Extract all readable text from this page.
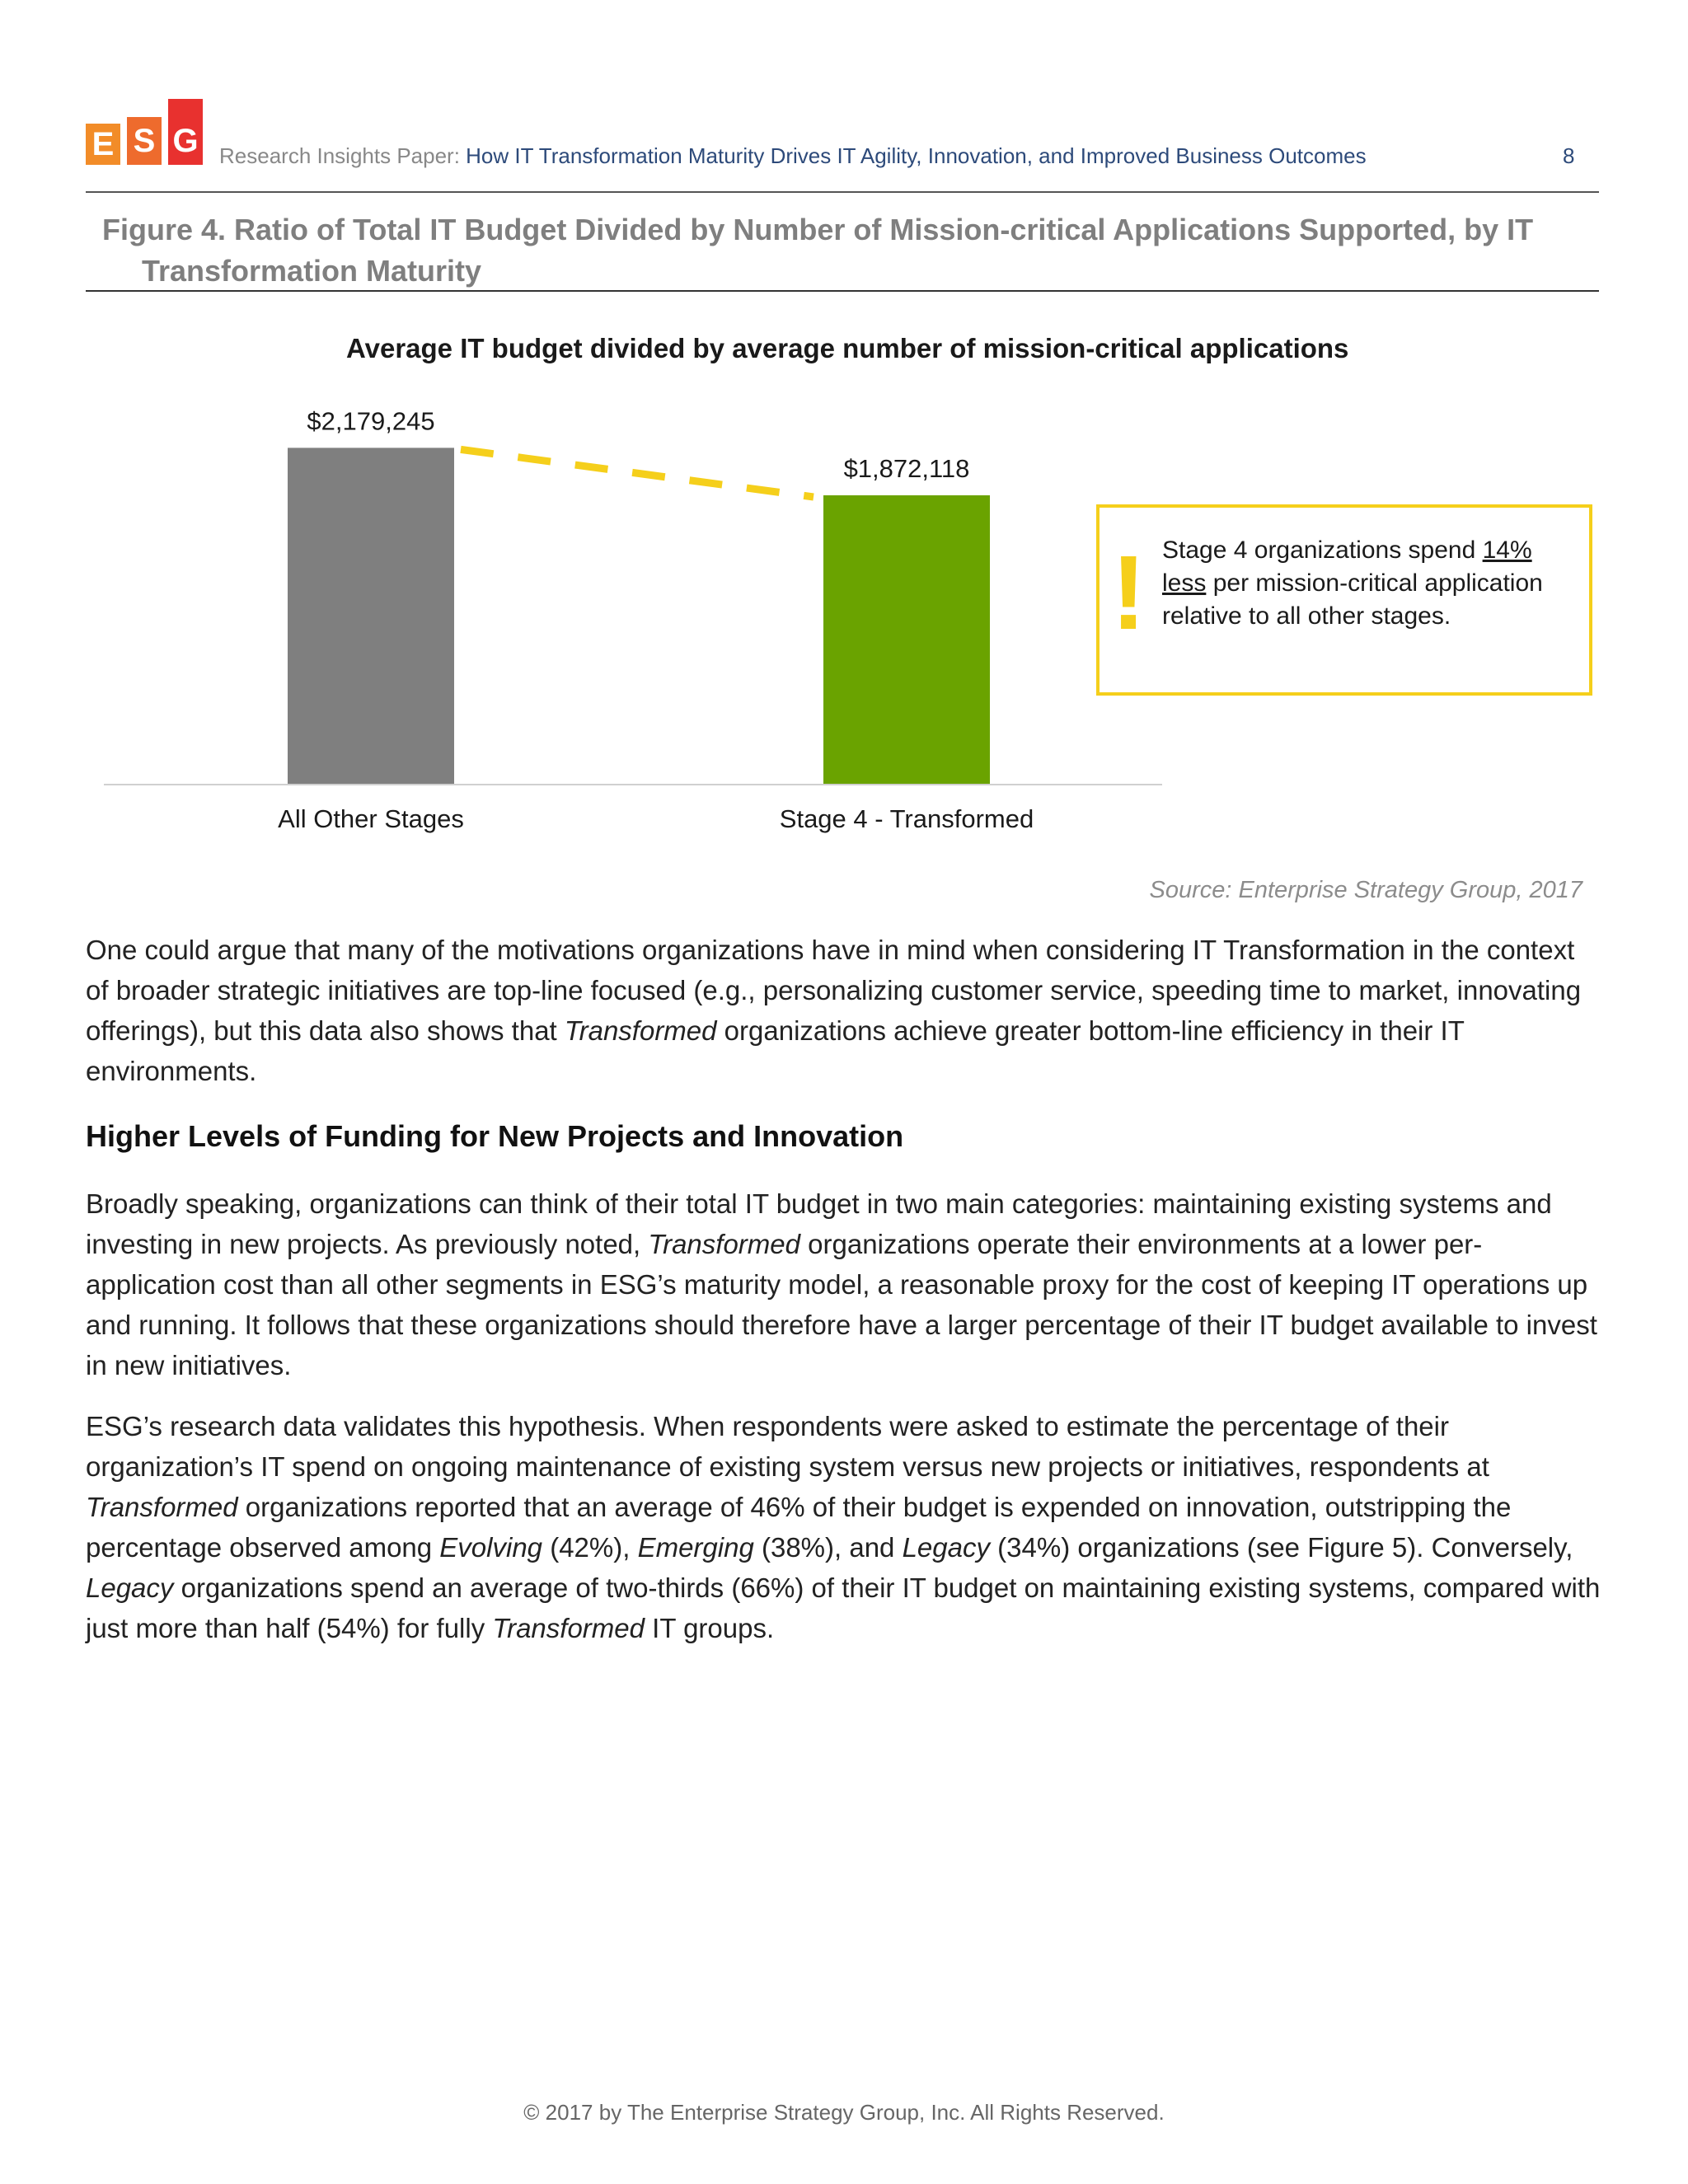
E S G Research Insights Paper: How IT Transformation Maturity Drives IT Agility, Innovation, and Improved Business Outcomes	8
Figure 4. Ratio of Total IT Budget Divided by Number of Mission-critical Applications Supported, by IT
Transformation Maturity
Average IT budget divided by average number of mission-critical applications
$2,179,245
All Other Stages
$1,872,118
Stage 4 - Transformed
! Stage 4 organizations spend 14% less per mission-critical application relative to all other stages.
Source: Enterprise Strategy Group, 2017
One could argue that many of the motivations organizations have in mind when considering IT Transformation in the context of broader strategic initiatives are top-line focused (e.g., personalizing customer service, speeding time to market, innovating offerings), but this data also shows that Transformed organizations achieve greater bottom-line efficiency in their IT environments.
Higher Levels of Funding for New Projects and Innovation
Broadly speaking, organizations can think of their total IT budget in two main categories: maintaining existing systems and investing in new projects. As previously noted, Transformed organizations operate their environments at a lower per-application cost than all other segments in ESG’s maturity model, a reasonable proxy for the cost of keeping IT operations up and running. It follows that these organizations should therefore have a larger percentage of their IT budget available to invest in new initiatives.
ESG’s research data validates this hypothesis. When respondents were asked to estimate the percentage of their organization’s IT spend on ongoing maintenance of existing system versus new projects or initiatives, respondents at Transformed organizations reported that an average of 46% of their budget is expended on innovation, outstripping the percentage observed among Evolving (42%), Emerging (38%), and Legacy (34%) organizations (see Figure 5). Conversely, Legacy organizations spend an average of two-thirds (66%) of their IT budget on maintaining existing systems, compared with just more than half (54%) for fully Transformed IT groups.
© 2017 by The Enterprise Strategy Group, Inc. All Rights Reserved.
